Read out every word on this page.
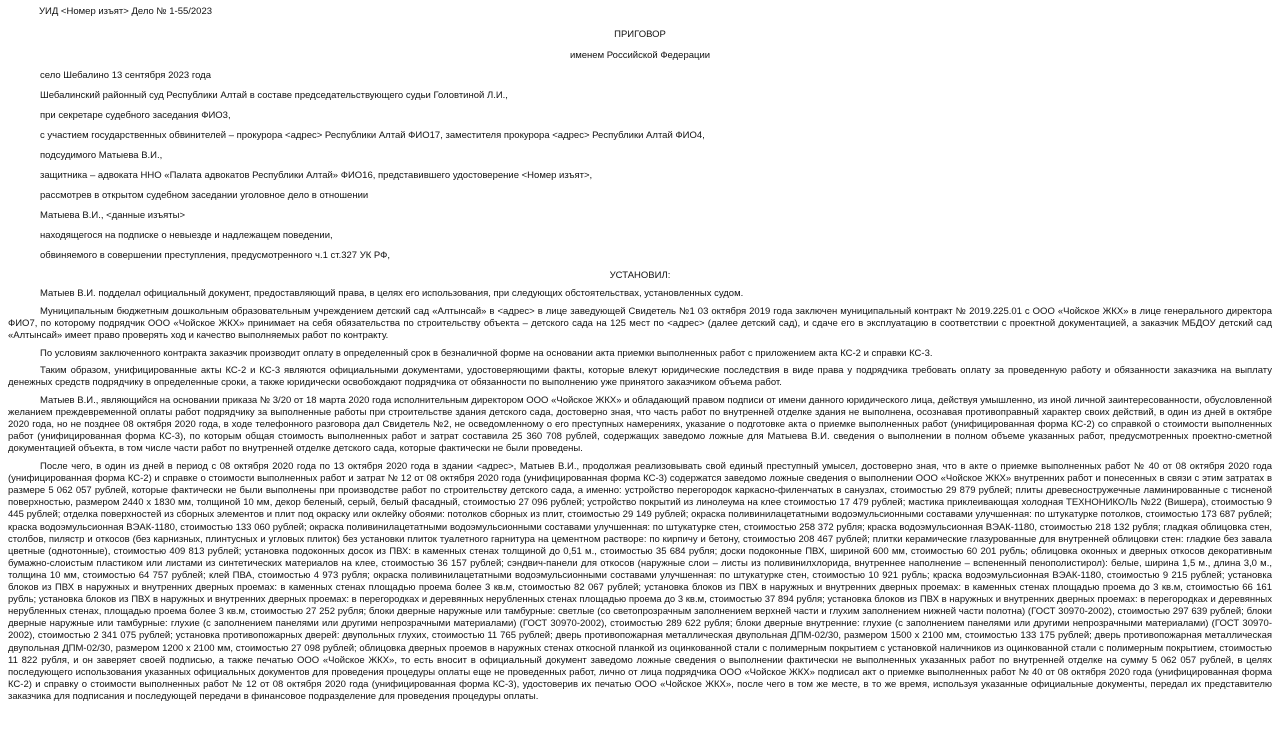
УИД <Номер изъят> Дело № 1-55/2023
ПРИГОВОР
именем Российской Федерации
село Шебалино 13 сентября 2023 года
Шебалинский районный суд Республики Алтай в составе председательствующего судьи Головтиной Л.И.,
при секретаре судебного заседания ФИО3,
с участием государственных обвинителей – прокурора <адрес> Республики Алтай ФИО17, заместителя прокурора <адрес> Республики Алтай ФИО4,
подсудимого Матыева В.И.,
защитника – адвоката ННО «Палата адвокатов Республики Алтай» ФИО16, представившего удостоверение <Номер изъят>,
рассмотрев в открытом судебном заседании уголовное дело в отношении
Матыева В.И., <данные изъяты>
находящегося на подписке о невыезде и надлежащем поведении,
обвиняемого в совершении преступления, предусмотренного ч.1 ст.327 УК РФ,
УСТАНОВИЛ:

Матыев В.И. подделал официальный документ, предоставляющий права, в целях его использования, при следующих обстоятельствах, установленных судом.

Муниципальным бюджетным дошкольным образовательным учреждением детский сад «Алтынсай» в <адрес> в лице заведующей Свидетель №1 03 октября 2019 года заключен муниципальный контракт № 2019.225.01 с ООО «Чойское ЖКХ» в лице генерального директора ФИО7, по которому подрядчик ООО «Чойское ЖКХ» принимает на себя обязательства по строительству объекта – детского сада на 125 мест по <адрес> (далее детский сад), и сдаче его в эксплуатацию в соответствии с проектной документацией, а заказчик МБДОУ детский сад «Алтынсай» имеет право проверять ход и качество выполняемых работ по контракту.

По условиям заключенного контракта заказчик производит оплату в определенный срок в безналичной форме на основании акта приемки выполненных работ с приложением акта КС-2 и справки КС-3.

Таким образом, унифицированные акты КС-2 и КС-3 являются официальными документами, удостоверяющими факты, которые влекут юридические последствия в виде права у подрядчика требовать оплату за проведенную работу и обязанности заказчика на выплату денежных средств подрядчику в определенные сроки, а также юридически освобождают подрядчика от обязанности по выполнению уже принятого заказчиком объема работ.

Матыев В.И., являющийся на основании приказа № 3/20 от 18 марта 2020 года исполнительным директором ООО «Чойское ЖКХ» и обладающий правом подписи от имени данного юридического лица, действуя умышленно, из иной личной заинтересованности, обусловленной желанием преждевременной оплаты работ подрядчику за выполненные работы при строительстве здания детского сада, достоверно зная, что часть работ по внутренней отделке здания не выполнена, осознавая противоправный характер своих действий, в один из дней в октябре 2020 года, но не позднее 08 октября 2020 года, в ходе телефонного разговора дал Свидетель №2, не осведомленному о его преступных намерениях, указание о подготовке акта о приемке выполненных работ (унифицированная форма КС-2) со справкой о стоимости выполненных работ (унифицированная форма КС-3), по которым общая стоимость выполненных работ и затрат составила 25 360 708 рублей, содержащих заведомо ложные для Матыева В.И. сведения о выполнении в полном объеме указанных работ, предусмотренных проектно-сметной документацией объекта, в том числе части работ по внутренней отделке детского сада, которые фактически не были проведены.

После чего, в один из дней в период с 08 октября 2020 года по 13 октября 2020 года в здании <адрес>, Матыев В.И., продолжая реализовывать свой единый преступный умысел, достоверно зная, что в акте о приемке выполненных работ № 40 от 08 октября 2020 года (унифицированная форма КС-2) и справке о стоимости выполненных работ и затрат № 12 от 08 октября 2020 года (унифицированная форма КС-3) содержатся заведомо ложные сведения о выполнении ООО «Чойское ЖКХ» внутренних работ и понесенных в связи с этим затратах в размере 5 062 057 рублей, которые фактически не были выполнены при производстве работ по строительству детского сада, а именно: устройство перегородок каркасно-филенчатых в санузлах, стоимостью 29 879 рублей; плиты древесностружечные ламинированные с тисненой поверхностью, размером 2440 х 1830 мм, толщиной 10 мм, декор беленый, серый, белый фасадный, стоимостью 27 096 рублей; устройство покрытий из линолеума на клее стоимостью 17 479 рублей; мастика приклеивающая холодная ТЕХНОНИКОЛЬ №22 (Вишера), стоимостью 9 445 рублей; отделка поверхностей из сборных элементов и плит под окраску или оклейку обоями: потолков сборных из плит, стоимостью 29 149 рублей; окраска поливинилацетатными водоэмульсионными составами улучшенная: по штукатурке потолков, стоимостью 173 687 рублей; краска водоэмульсионная ВЭАК-1180, стоимостью 133 060 рублей; окраска поливинилацетатными водоэмульсионными составами улучшенная: по штукатурке стен, стоимостью 258 372 рубля; краска водоэмульсионная ВЭАК-1180, стоимостью 218 132 рубля; гладкая облицовка стен, столбов, пилястр и откосов (без карнизных, плинтусных и угловых плиток) без установки плиток туалетного гарнитура на цементном растворе: по кирпичу и бетону, стоимостью 208 467 рублей; плитки керамические глазурованные для внутренней облицовки стен: гладкие без завала цветные (однотонные), стоимостью 409 813 рублей; установка подоконных досок из ПВХ: в каменных стенах толщиной до 0,51 м., стоимостью 35 684 рубля; доски подоконные ПВХ, шириной 600 мм, стоимостью 60 201 рубль; облицовка оконных и дверных откосов декоративным бумажно-слоистым пластиком или листами из синтетических материалов на клее, стоимостью 36 157 рублей; сэндвич-панели для откосов (наружные слои – листы из поливинилхлорида, внутреннее наполнение – вспененный пенополистирол): белые, ширина 1,5 м., длина 3,0 м., толщина 10 мм, стоимостью 64 757 рублей; клей ПВА, стоимостью 4 973 рубля; окраска поливинилацетатными водоэмульсионными составами улучшенная: по штукатурке стен, стоимостью 10 921 рубль; краска водоэмульсионная ВЭАК-1180, стоимостью 9 215 рублей; установка блоков из ПВХ в наружных и внутренних дверных проемах: в каменных стенах площадью проема более 3 кв.м, стоимостью 82 067 рублей; установка блоков из ПВХ в наружных и внутренних дверных проемах: в каменных стенах площадью проема до 3 кв.м, стоимостью 66 161 рубль; установка блоков из ПВХ в наружных и внутренних дверных проемах: в перегородках и деревянных нерубленных стенах площадью проема до 3 кв.м, стоимостью 37 894 рубля; установка блоков из ПВХ в наружных и внутренних дверных проемах: в перегородках и деревянных нерубленных стенах, площадью проема более 3 кв.м, стоимостью 27 252 рубля; блоки дверные наружные или тамбурные: светлые (со светопрозрачным заполнением верхней части и глухим заполнением нижней части полотна) (ГОСТ 30970-2002), стоимостью 297 639 рублей; блоки дверные наружные или тамбурные: глухие (с заполнением панелями или другими непрозрачными материалами) (ГОСТ 30970-2002), стоимостью 289 622 рубля; блоки дверные внутренние: глухие (с заполнением панелями или другими непрозрачными материалами) (ГОСТ 30970-2002), стоимостью 2 341 075 рублей; установка противопожарных дверей: двупольных глухих, стоимостью 11 765 рублей; дверь противопожарная металлическая двупольная ДПМ-02/30, размером 1500 х 2100 мм, стоимостью 133 175 рублей; дверь противопожарная металлическая двупольная ДПМ-02/30, размером 1200 х 2100 мм, стоимостью 27 098 рублей; облицовка дверных проемов в наружных стенах откосной планкой из оцинкованной стали с полимерным покрытием с установкой наличников из оцинкованной стали с полимерным покрытием, стоимостью 11 822 рубля, и он заверяет своей подписью, а также печатью ООО «Чойское ЖКХ», то есть вносит в официальный документ заведомо ложные сведения о выполнении фактически не выполненных указанных работ по внутренней отделке на сумму 5 062 057 рублей, в целях последующего использования указанных официальных документов для проведения процедуры оплаты еще не проведенных работ, лично от лица подрядчика ООО «Чойское ЖКХ» подписал акт о приемке выполненных работ № 40 от 08 октября 2020 года (унифицированная форма КС-2) и справку о стоимости выполненных работ № 12 от 08 октября 2020 года (унифицированная форма КС-3), удостоверив их печатью ООО «Чойское ЖКХ», после чего в том же месте, в то же время, используя указанные официальные документы, передал их представителю заказчика для подписания и последующей передачи в финансовое подразделение для проведения процедуры оплаты.
